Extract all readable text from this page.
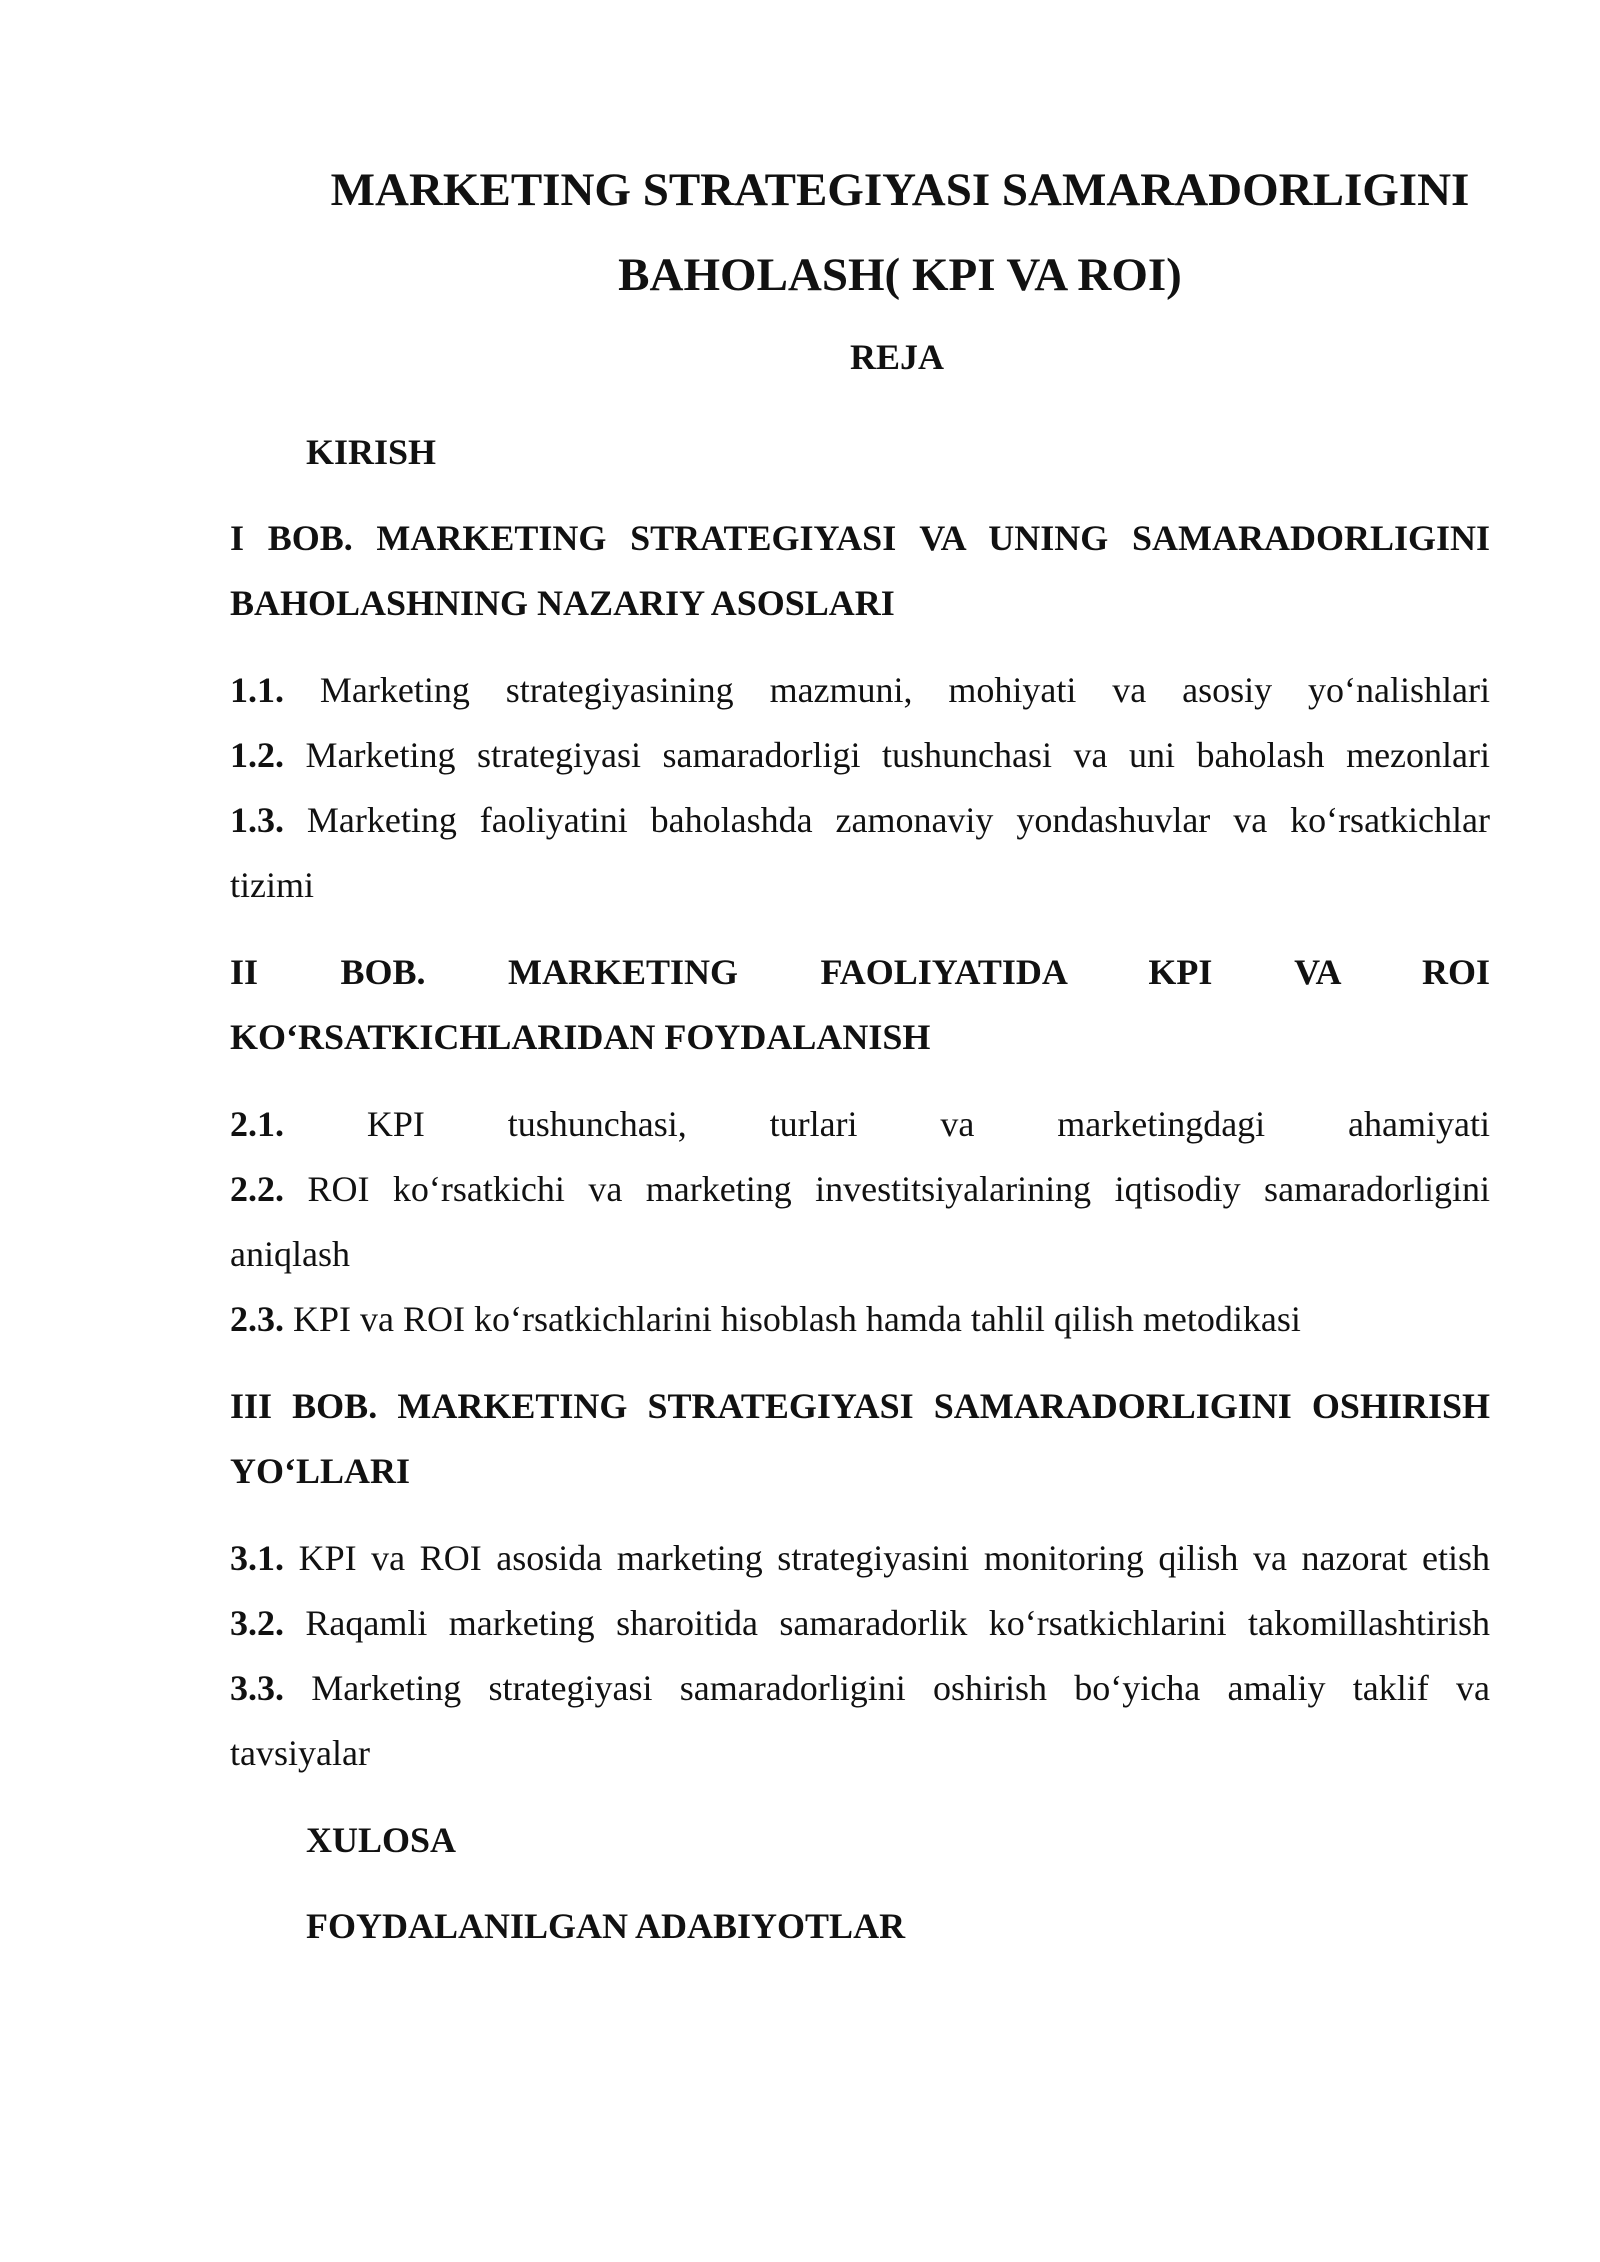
MARKETING STRATEGIYASI SAMARADORLIGINI
BAHOLASH( KPI VA ROI)
REJA
KIRISH
I BOB. MARKETING STRATEGIYASI VA UNING SAMARADORLIGINI
BAHOLASHNING NAZARIY ASOSLARI
1.1. Marketing strategiyasining mazmuni, mohiyati va asosiy yo‘nalishlari
1.2. Marketing strategiyasi samaradorligi tushunchasi va uni baholash mezonlari
1.3. Marketing faoliyatini baholashda zamonaviy yondashuvlar va ko‘rsatkichlar
tizimi
II BOB. MARKETING FAOLIYATIDA KPI VA ROI
KO‘RSATKICHLARIDAN FOYDALANISH
2.1. KPI tushunchasi, turlari va marketingdagi ahamiyati
2.2. ROI ko‘rsatkichi va marketing investitsiyalarining iqtisodiy samaradorligini
aniqlash
2.3. KPI va ROI ko‘rsatkichlarini hisoblash hamda tahlil qilish metodikasi
III BOB. MARKETING STRATEGIYASI SAMARADORLIGINI OSHIRISH
YO‘LLARI
3.1. KPI va ROI asosida marketing strategiyasini monitoring qilish va nazorat etish
3.2. Raqamli marketing sharoitida samaradorlik ko‘rsatkichlarini takomillashtirish
3.3. Marketing strategiyasi samaradorligini oshirish bo‘yicha amaliy taklif va
tavsiyalar
XULOSA
FOYDALANILGAN ADABIYOTLAR
